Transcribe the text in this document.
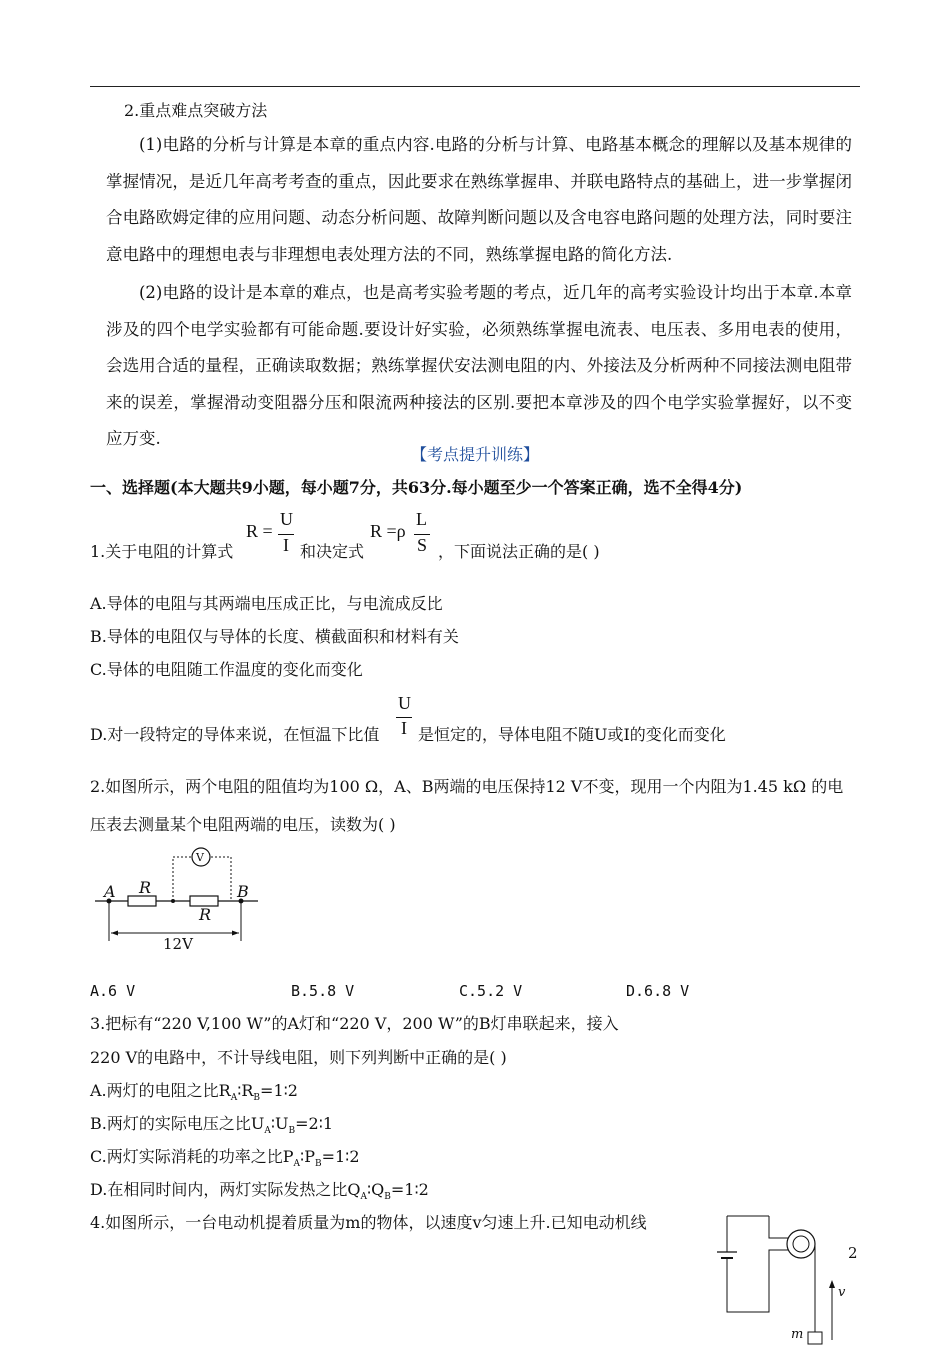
2.重点难点突破方法
(1)电路的分析与计算是本章的重点内容.电路的分析与计算、电路基本概念的理解以及基本规律的掌握情况，是近几年高考考查的重点，因此要求在熟练掌握串、并联电路特点的基础上，进一步掌握闭合电路欧姆定律的应用问题、动态分析问题、故障判断问题以及含电容电路问题的处理方法，同时要注意电路中的理想电表与非理想电表处理方法的不同，熟练掌握电路的简化方法.
(2)电路的设计是本章的难点，也是高考实验考题的考点，近几年的高考实验设计均出于本章.本章涉及的四个电学实验都有可能命题.要设计好实验，必须熟练掌握电流表、电压表、多用电表的使用，会选用合适的量程，正确读取数据；熟练掌握伏安法测电阻的内、外接法及分析两种不同接法测电阻带来的误差，掌握滑动变阻器分压和限流两种接法的区别.要把本章涉及的四个电学实验掌握好，以不变应万变.
【考点提升训练】
一、选择题(本大题共9小题，每小题7分，共63分.每小题至少一个答案正确，选不全得4分)
1.关于电阻的计算式
R =
U
I 和决定式
R =ρ
L
S ，下面说法正确的是( )
A.导体的电阻与其两端电压成正比，与电流成反比
B.导体的电阻仅与导体的长度、横截面积和材料有关
C.导体的电阻随工作温度的变化而变化
D.对一段特定的导体来说，在恒温下比值
U
I 是恒定的，导体电阻不随U或I的变化而变化
2.如图所示，两个电阻的阻值均为100 Ω，A、B两端的电压保持12 V不变，现用一个内阻为1.45 kΩ 的电
压表去测量某个电阻两端的电压，读数为( )
A	B
R
R
V
12V
A.6 V	B.5.8 V	C.5.2 V	D.6.8 V
3.把标有“220 V,100 W”的A灯和“220 V，200 W”的B灯串联起来，接入
220 V的电路中，不计导线电阻，则下列判断中正确的是( )
A.两灯的电阻之比$R_A∶R_B=1∶2$
B.两灯的实际电压之比$U_A∶U_B=2∶1$
C.两灯实际消耗的功率之比$P_A∶P_B=1∶2$
D.在相同时间内，两灯实际发热之比$Q_A∶Q_B=1∶2$
4.如图所示，一台电动机提着质量为m的物体，以速度v匀速上升.已知电动机线
v
m
2
